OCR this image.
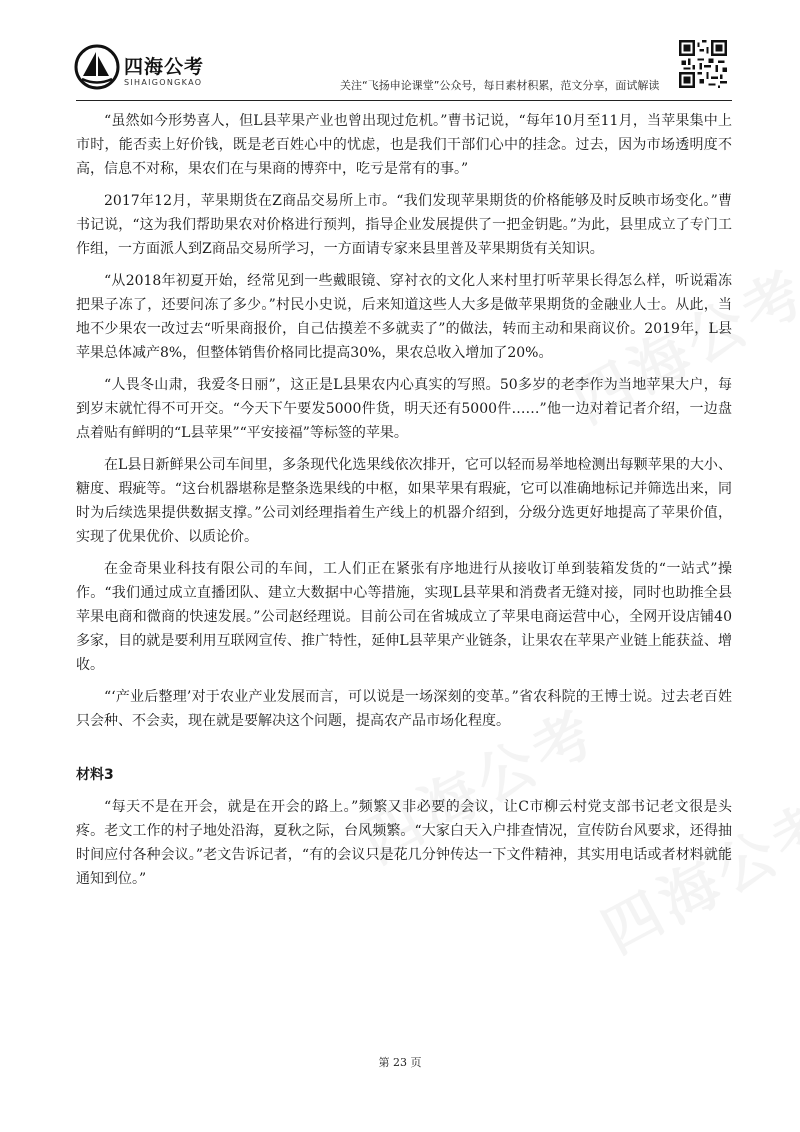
四海公考
SIHAIGONGKAO	关注“飞扬申论课堂”公众号，每日素材积累，范文分享，面试解读

“虽然如今形势喜人，但L县苹果产业也曾出现过危机。”曹书记说，“每年10月至11月，当苹果集中上市时，能否卖上好价钱，既是老百姓心中的忧虑，也是我们干部们心中的挂念。过去，因为市场透明度不高，信息不对称，果农们在与果商的博弈中，吃亏是常有的事。”

2017年12月，苹果期货在Z商品交易所上市。“我们发现苹果期货的价格能够及时反映市场变化。”曹书记说，“这为我们帮助果农对价格进行预判，指导企业发展提供了一把金钥匙。”为此，县里成立了专门工作组，一方面派人到Z商品交易所学习，一方面请专家来县里普及苹果期货有关知识。

“从2018年初夏开始，经常见到一些戴眼镜、穿衬衣的文化人来村里打听苹果长得怎么样，听说霜冻把果子冻了，还要问冻了多少。”村民小史说，后来知道这些人大多是做苹果期货的金融业人士。从此，当地不少果农一改过去“听果商报价，自己估摸差不多就卖了”的做法，转而主动和果商议价。2019年，L县苹果总体减产8%，但整体销售价格同比提高30%，果农总收入增加了20%。

“人畏冬山肃，我爱冬日丽”，这正是L县果农内心真实的写照。50多岁的老李作为当地苹果大户，每到岁末就忙得不可开交。“今天下午要发5000件货，明天还有5000件……”他一边对着记者介绍，一边盘点着贴有鲜明的“L县苹果”“平安接福”等标签的苹果。

在L县日新鲜果公司车间里，多条现代化选果线依次排开，它可以轻而易举地检测出每颗苹果的大小、糖度、瑕疵等。“这台机器堪称是整条选果线的中枢，如果苹果有瑕疵，它可以准确地标记并筛选出来，同时为后续选果提供数据支撑。”公司刘经理指着生产线上的机器介绍到，分级分选更好地提高了苹果价值，实现了优果优价、以质论价。

在金奇果业科技有限公司的车间，工人们正在紧张有序地进行从接收订单到装箱发货的“一站式”操作。“我们通过成立直播团队、建立大数据中心等措施，实现L县苹果和消费者无缝对接，同时也助推全县苹果电商和微商的快速发展。”公司赵经理说。目前公司在省城成立了苹果电商运营中心，全网开设店铺40多家，目的就是要利用互联网宣传、推广特性，延伸L县苹果产业链条，让果农在苹果产业链上能获益、增收。

“‘产业后整理’对于农业产业发展而言，可以说是一场深刻的变革。”省农科院的王博士说。过去老百姓只会种、不会卖，现在就是要解决这个问题，提高农产品市场化程度。

材料3

“每天不是在开会，就是在开会的路上。”频繁又非必要的会议，让C市柳云村党支部书记老文很是头疼。老文工作的村子地处沿海，夏秋之际，台风频繁。“大家白天入户排查情况，宣传防台风要求，还得抽时间应付各种会议。”老文告诉记者，“有的会议只是花几分钟传达一下文件精神，其实用电话或者材料就能通知到位。”

第 23 页
